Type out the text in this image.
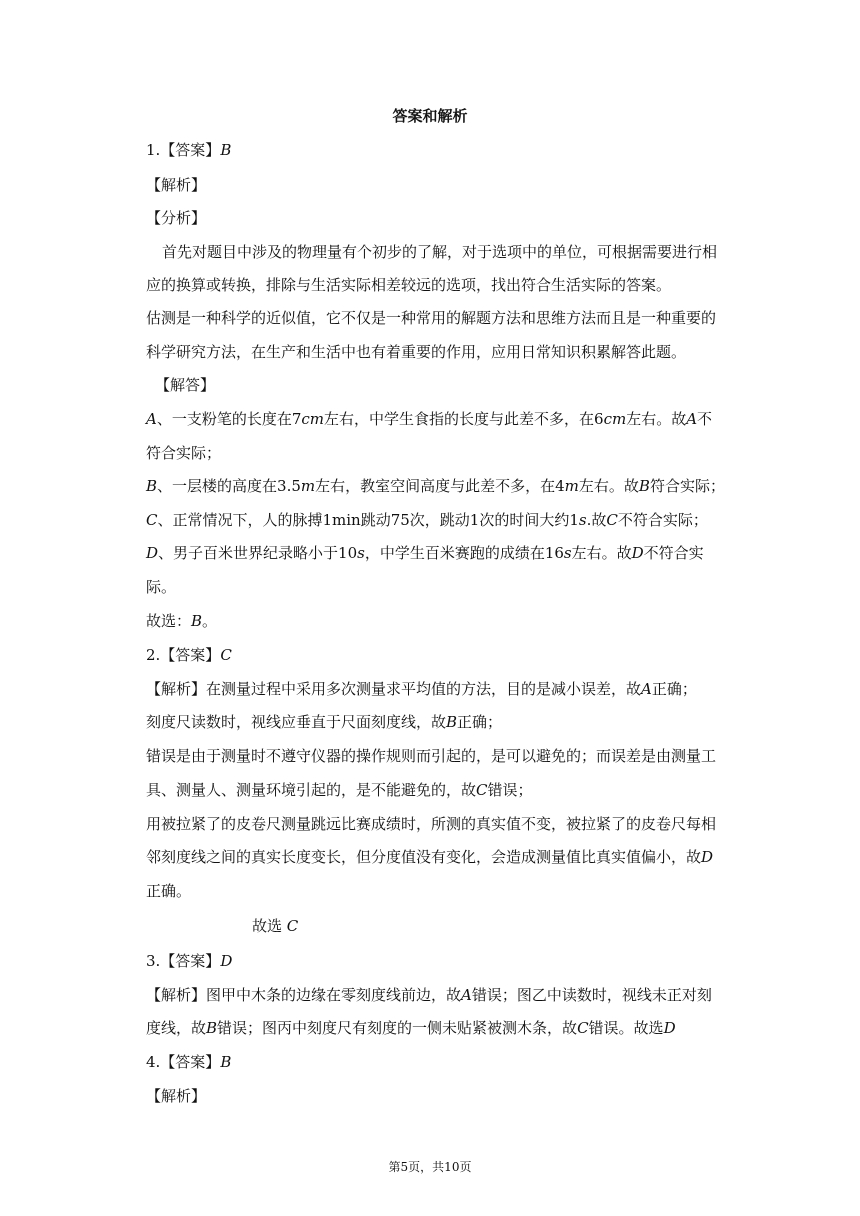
答案和解析
1.【答案】B
【解析】
【分析】
首先对题目中涉及的物理量有个初步的了解，对于选项中的单位，可根据需要进行相
应的换算或转换，排除与生活实际相差较远的选项，找出符合生活实际的答案。
估测是一种科学的近似值，它不仅是一种常用的解题方法和思维方法而且是一种重要的
科学研究方法，在生产和生活中也有着重要的作用，应用日常知识积累解答此题。
【解答】
A、一支粉笔的长度在7cm左右，中学生食指的长度与此差不多，在6cm左右。故A不
符合实际；
B、一层楼的高度在3.5m左右，教室空间高度与此差不多，在4m左右。故B符合实际；
C、正常情况下，人的脉搏1min跳动75次，跳动1次的时间大约1s.故C不符合实际；
D、男子百米世界纪录略小于10s，中学生百米赛跑的成绩在16s左右。故D不符合实
际。
故选：B。
2.【答案】C
【解析】在测量过程中采用多次测量求平均值的方法，目的是减小误差，故A正确；
刻度尺读数时，视线应垂直于尺面刻度线，故B正确；
错误是由于测量时不遵守仪器的操作规则而引起的，是可以避免的；而误差是由测量工
具、测量人、测量环境引起的，是不能避免的，故C错误；
用被拉紧了的皮卷尺测量跳远比赛成绩时，所测的真实值不变，被拉紧了的皮卷尺每相
邻刻度线之间的真实长度变长，但分度值没有变化，会造成测量值比真实值偏小，故D
正确。
故选 C
3.【答案】D
【解析】图甲中木条的边缘在零刻度线前边，故A错误；图乙中读数时，视线未正对刻
度线，故B错误；图丙中刻度尺有刻度的一侧未贴紧被测木条，故C错误。故选D
4.【答案】B
【解析】
第5页，共10页
